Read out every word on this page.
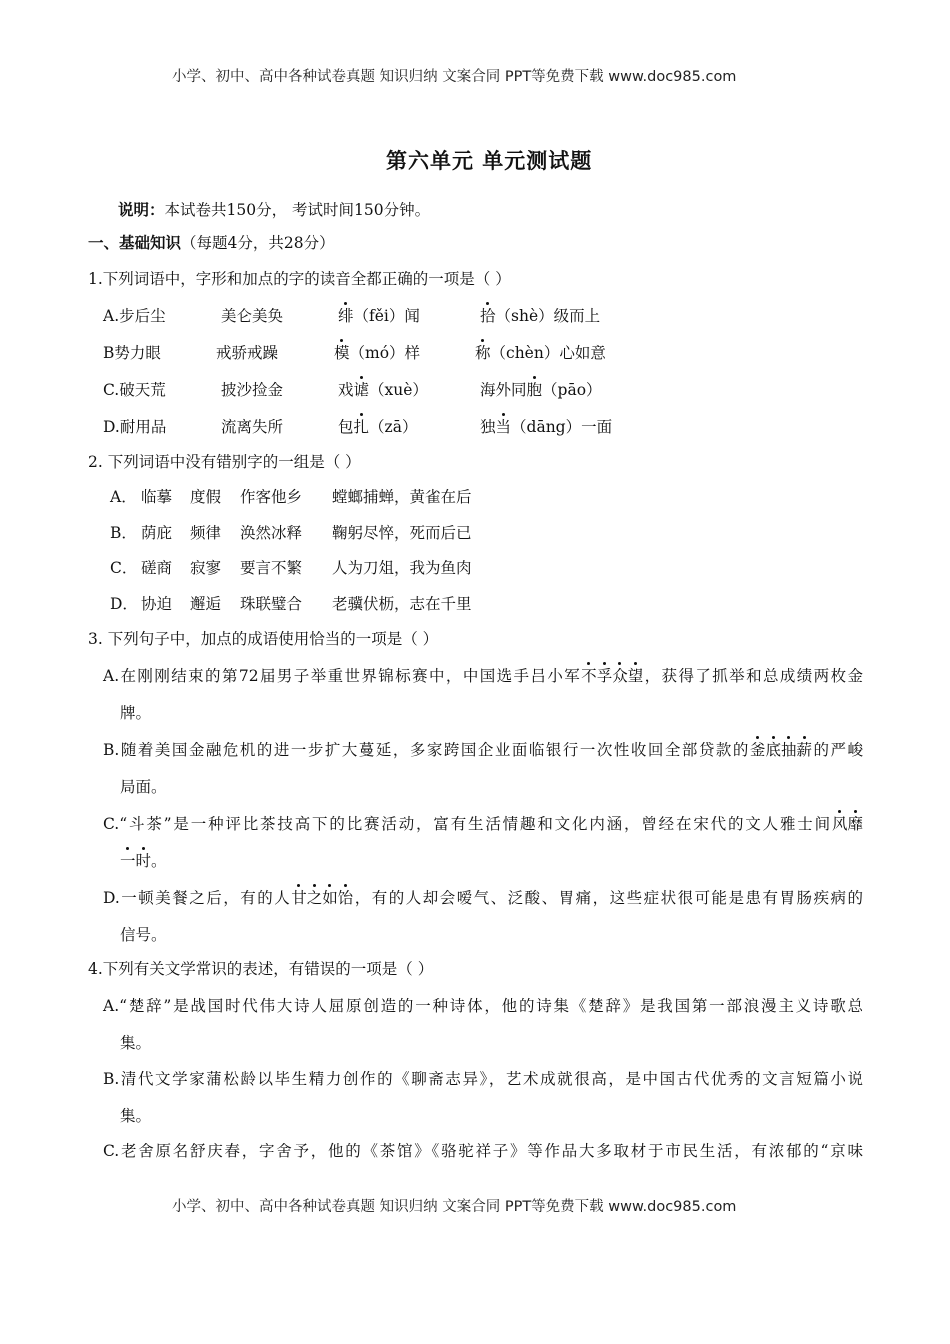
小学、初中、高中各种试卷真题 知识归纳 文案合同 PPT等免费下载 www.doc985.com
第六单元 单元测试题
说明：本试卷共150分， 考试时间150分钟。
一、基础知识（每题4分，共28分）
1.下列词语中，字形和加点的字的读音全都正确的一项是（ ）
A.步后尘	美仑美奂	绯（fěi）闻	拾（shè）级而上
B势力眼	戒骄戒躁	模（mó）样	称（chèn）心如意
C.破天荒	披沙捡金	戏谑（xuè）	海外同胞（pāo）
D.耐用品	流离失所	包扎（zā）	独当（dāng）一面
2. 下列词语中没有错别字的一组是（ ）
A． 临摹 度假 作客他乡 螳螂捕蝉，黄雀在后
B． 荫庇 频律 涣然冰释 鞠躬尽悴，死而后已
C． 磋商 寂寥 要言不繁 人为刀俎，我为鱼肉
D． 协迫 邂逅 珠联璧合 老骥伏枥，志在千里
3. 下列句子中，加点的成语使用恰当的一项是（ ）
A.在刚刚结束的第72届男子举重世界锦标赛中，中国选手吕小军不孚众望，获得了抓举和总成绩两枚金
牌。
B.随着美国金融危机的进一步扩大蔓延，多家跨国企业面临银行一次性收回全部贷款的釜底抽薪的严峻
局面。
C.“斗茶”是一种评比茶技高下的比赛活动，富有生活情趣和文化内涵，曾经在宋代的文人雅士间风靡
一时。
D.一顿美餐之后，有的人甘之如饴，有的人却会嗳气、泛酸、胃痛，这些症状很可能是患有胃肠疾病的
信号。
4.下列有关文学常识的表述，有错误的一项是（ ）
A.“楚辞”是战国时代伟大诗人屈原创造的一种诗体，他的诗集《楚辞》是我国第一部浪漫主义诗歌总
集。
B.清代文学家蒲松龄以毕生精力创作的《聊斋志异》，艺术成就很高，是中国古代优秀的文言短篇小说
集。
C.老舍原名舒庆春，字舍予，他的《茶馆》《骆驼祥子》等作品大多取材于市民生活，有浓郁的“京味
小学、初中、高中各种试卷真题 知识归纳 文案合同 PPT等免费下载 www.doc985.com
